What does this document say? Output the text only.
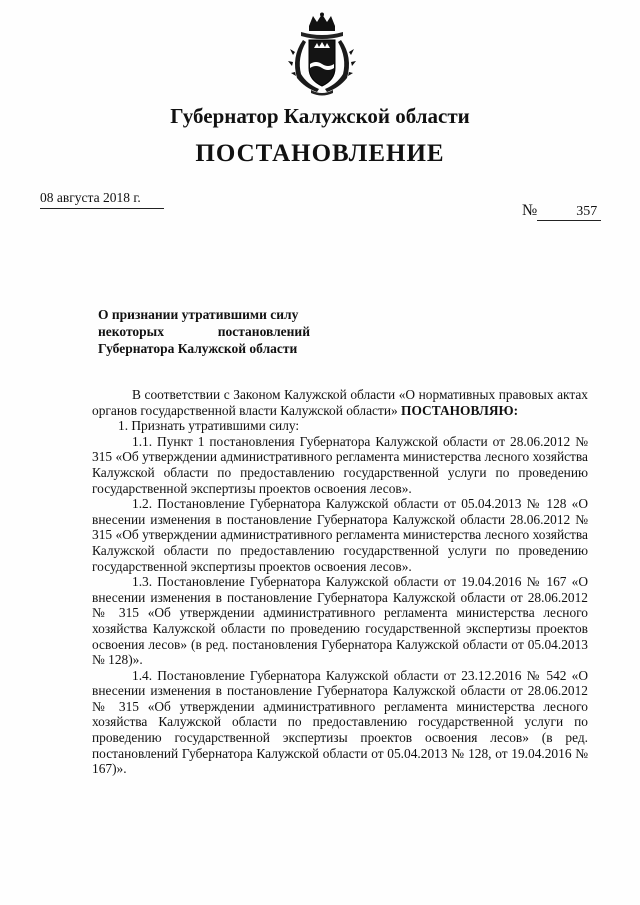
Губернатор Калужской области
ПОСТАНОВЛЕНИЕ
08 августа 2018 г.
№	357
О признании утратившими силу
некоторых	постановлений
Губернатора Калужской области

В соответствии с Законом Калужской области «О нормативных правовых актах органов государственной власти Калужской области» ПОСТАНОВЛЯЮ:

1. Признать утратившими силу:

1.1. Пункт 1 постановления Губернатора Калужской области от 28.06.2012 № 315 «Об утверждении административного регламента министерства лесного хозяйства Калужской области по предоставлению государственной услуги по проведению государственной экспертизы проектов освоения лесов».

1.2. Постановление Губернатора Калужской области от 05.04.2013 № 128 «О внесении изменения в постановление Губернатора Калужской области 28.06.2012 № 315 «Об утверждении административного регламента министерства лесного хозяйства Калужской области по предоставлению государственной услуги по проведению государственной экспертизы проектов освоения лесов».

1.3. Постановление Губернатора Калужской области от 19.04.2016 № 167 «О внесении изменения в постановление Губернатора Калужской области от 28.06.2012 № 315 «Об утверждении административного регламента министерства лесного хозяйства Калужской области по проведению государственной экспертизы проектов освоения лесов» (в ред. постановления Губернатора Калужской области от 05.04.2013 № 128)».

1.4. Постановление Губернатора Калужской области от 23.12.2016 № 542 «О внесении изменения в постановление Губернатора Калужской области от 28.06.2012 № 315 «Об утверждении административного регламента министерства лесного хозяйства Калужской области по предоставлению государственной услуги по проведению государственной экспертизы проектов освоения лесов» (в ред. постановлений Губернатора Калужской области от 05.04.2013 № 128, от 19.04.2016 № 167)».
